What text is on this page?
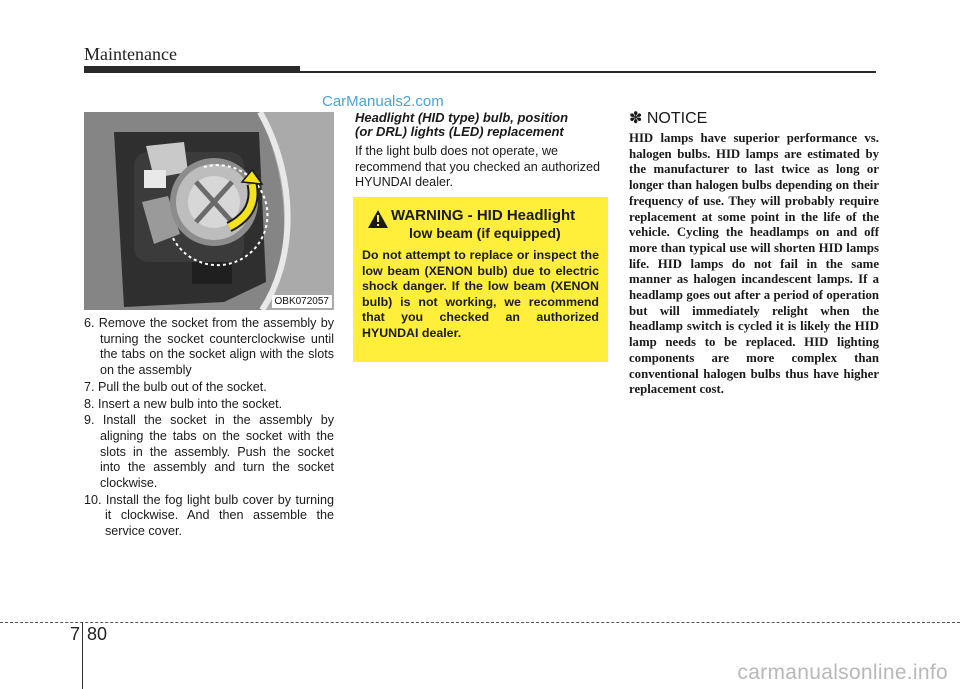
Maintenance
CarManuals2.com
OBK072057
6. Remove the socket from the assembly by turning the socket counterclockwise until the tabs on the socket align with the slots on the assembly
7. Pull the bulb out of the socket.
8. Insert a new bulb into the socket.
9. Install the socket in the assembly by aligning the tabs on the socket with the slots in the assembly. Push the socket into the assembly and turn the socket clockwise.
10. Install the fog light bulb cover by turning it clockwise. And then assemble the service cover.
Headlight (HID type) bulb, position
(or DRL) lights (LED) replacement
If the light bulb does not operate, we recommend that you checked an authorized HYUNDAI dealer.
WARNING - HID Headlight
low beam (if equipped)
Do not attempt to replace or inspect the low beam (XENON bulb) due to electric shock danger. If the low beam (XENON bulb) is not working, we recommend that you checked an authorized HYUNDAI dealer.
✽ NOTICE
HID lamps have superior performance vs. halogen bulbs. HID lamps are estimated by the manufacturer to last twice as long or longer than halogen bulbs depending on their frequency of use. They will probably require replacement at some point in the life of the vehicle. Cycling the headlamps on and off more than typical use will shorten HID lamps life. HID lamps do not fail in the same manner as halogen incandescent lamps. If a headlamp goes out after a period of operation but will immediately relight when the headlamp switch is cycled it is likely the HID lamp needs to be replaced. HID lighting components are more complex than conventional halogen bulbs thus have higher replacement cost.
7 80
carmanualsonline.info
